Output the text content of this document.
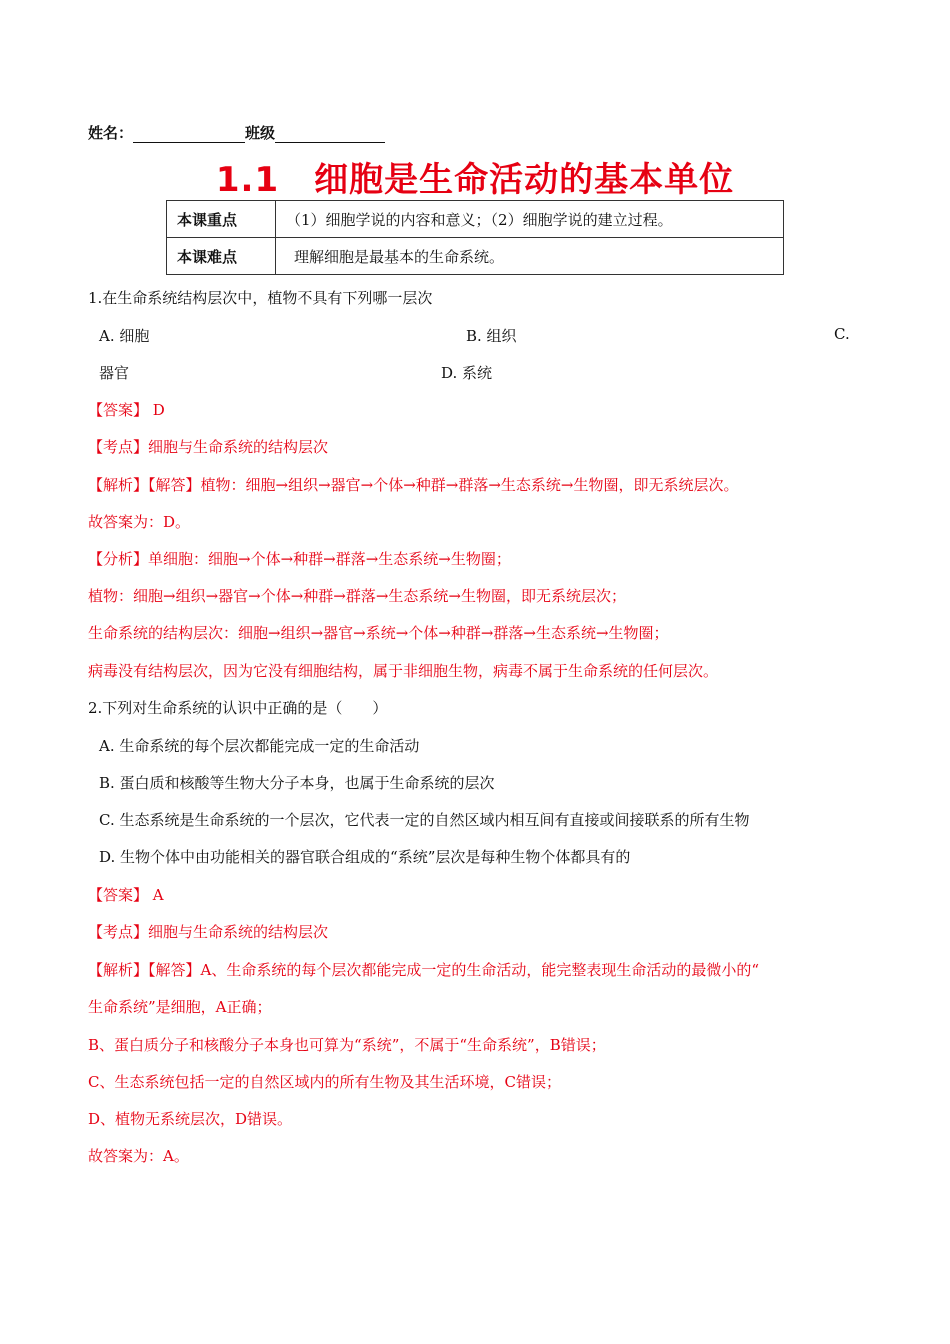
姓名：	班级
1.1　细胞是生命活动的基本单位
本课重点	（1）细胞学说的内容和意义；（2）细胞学说的建立过程。
本课难点	理解细胞是最基本的生命系统。
1.在生命系统结构层次中，植物不具有下列哪一层次
A. 细胞	B. 组织	C.
器官	D. 系统
【答案】 D
【考点】细胞与生命系统的结构层次
【解析】【解答】植物：细胞→组织→器官→个体→种群→群落→生态系统→生物圈，即无系统层次。
故答案为：D。
【分析】单细胞：细胞→个体→种群→群落→生态系统→生物圈；
植物：细胞→组织→器官→个体→种群→群落→生态系统→生物圈，即无系统层次；
生命系统的结构层次：细胞→组织→器官→系统→个体→种群→群落→生态系统→生物圈；
病毒没有结构层次，因为它没有细胞结构，属于非细胞生物，病毒不属于生命系统的任何层次。
2.下列对生命系统的认识中正确的是（　　）
A. 生命系统的每个层次都能完成一定的生命活动
B. 蛋白质和核酸等生物大分子本身，也属于生命系统的层次
C. 生态系统是生命系统的一个层次，它代表一定的自然区域内相互间有直接或间接联系的所有生物
D. 生物个体中由功能相关的器官联合组成的“系统”层次是每种生物个体都具有的
【答案】 A
【考点】细胞与生命系统的结构层次
【解析】【解答】A、生命系统的每个层次都能完成一定的生命活动，能完整表现生命活动的最微小的“
生命系统”是细胞，A正确；
B、蛋白质分子和核酸分子本身也可算为“系统”，不属于“生命系统”，B错误；
C、生态系统包括一定的自然区域内的所有生物及其生活环境，C错误；
D、植物无系统层次，D错误。
故答案为：A。
